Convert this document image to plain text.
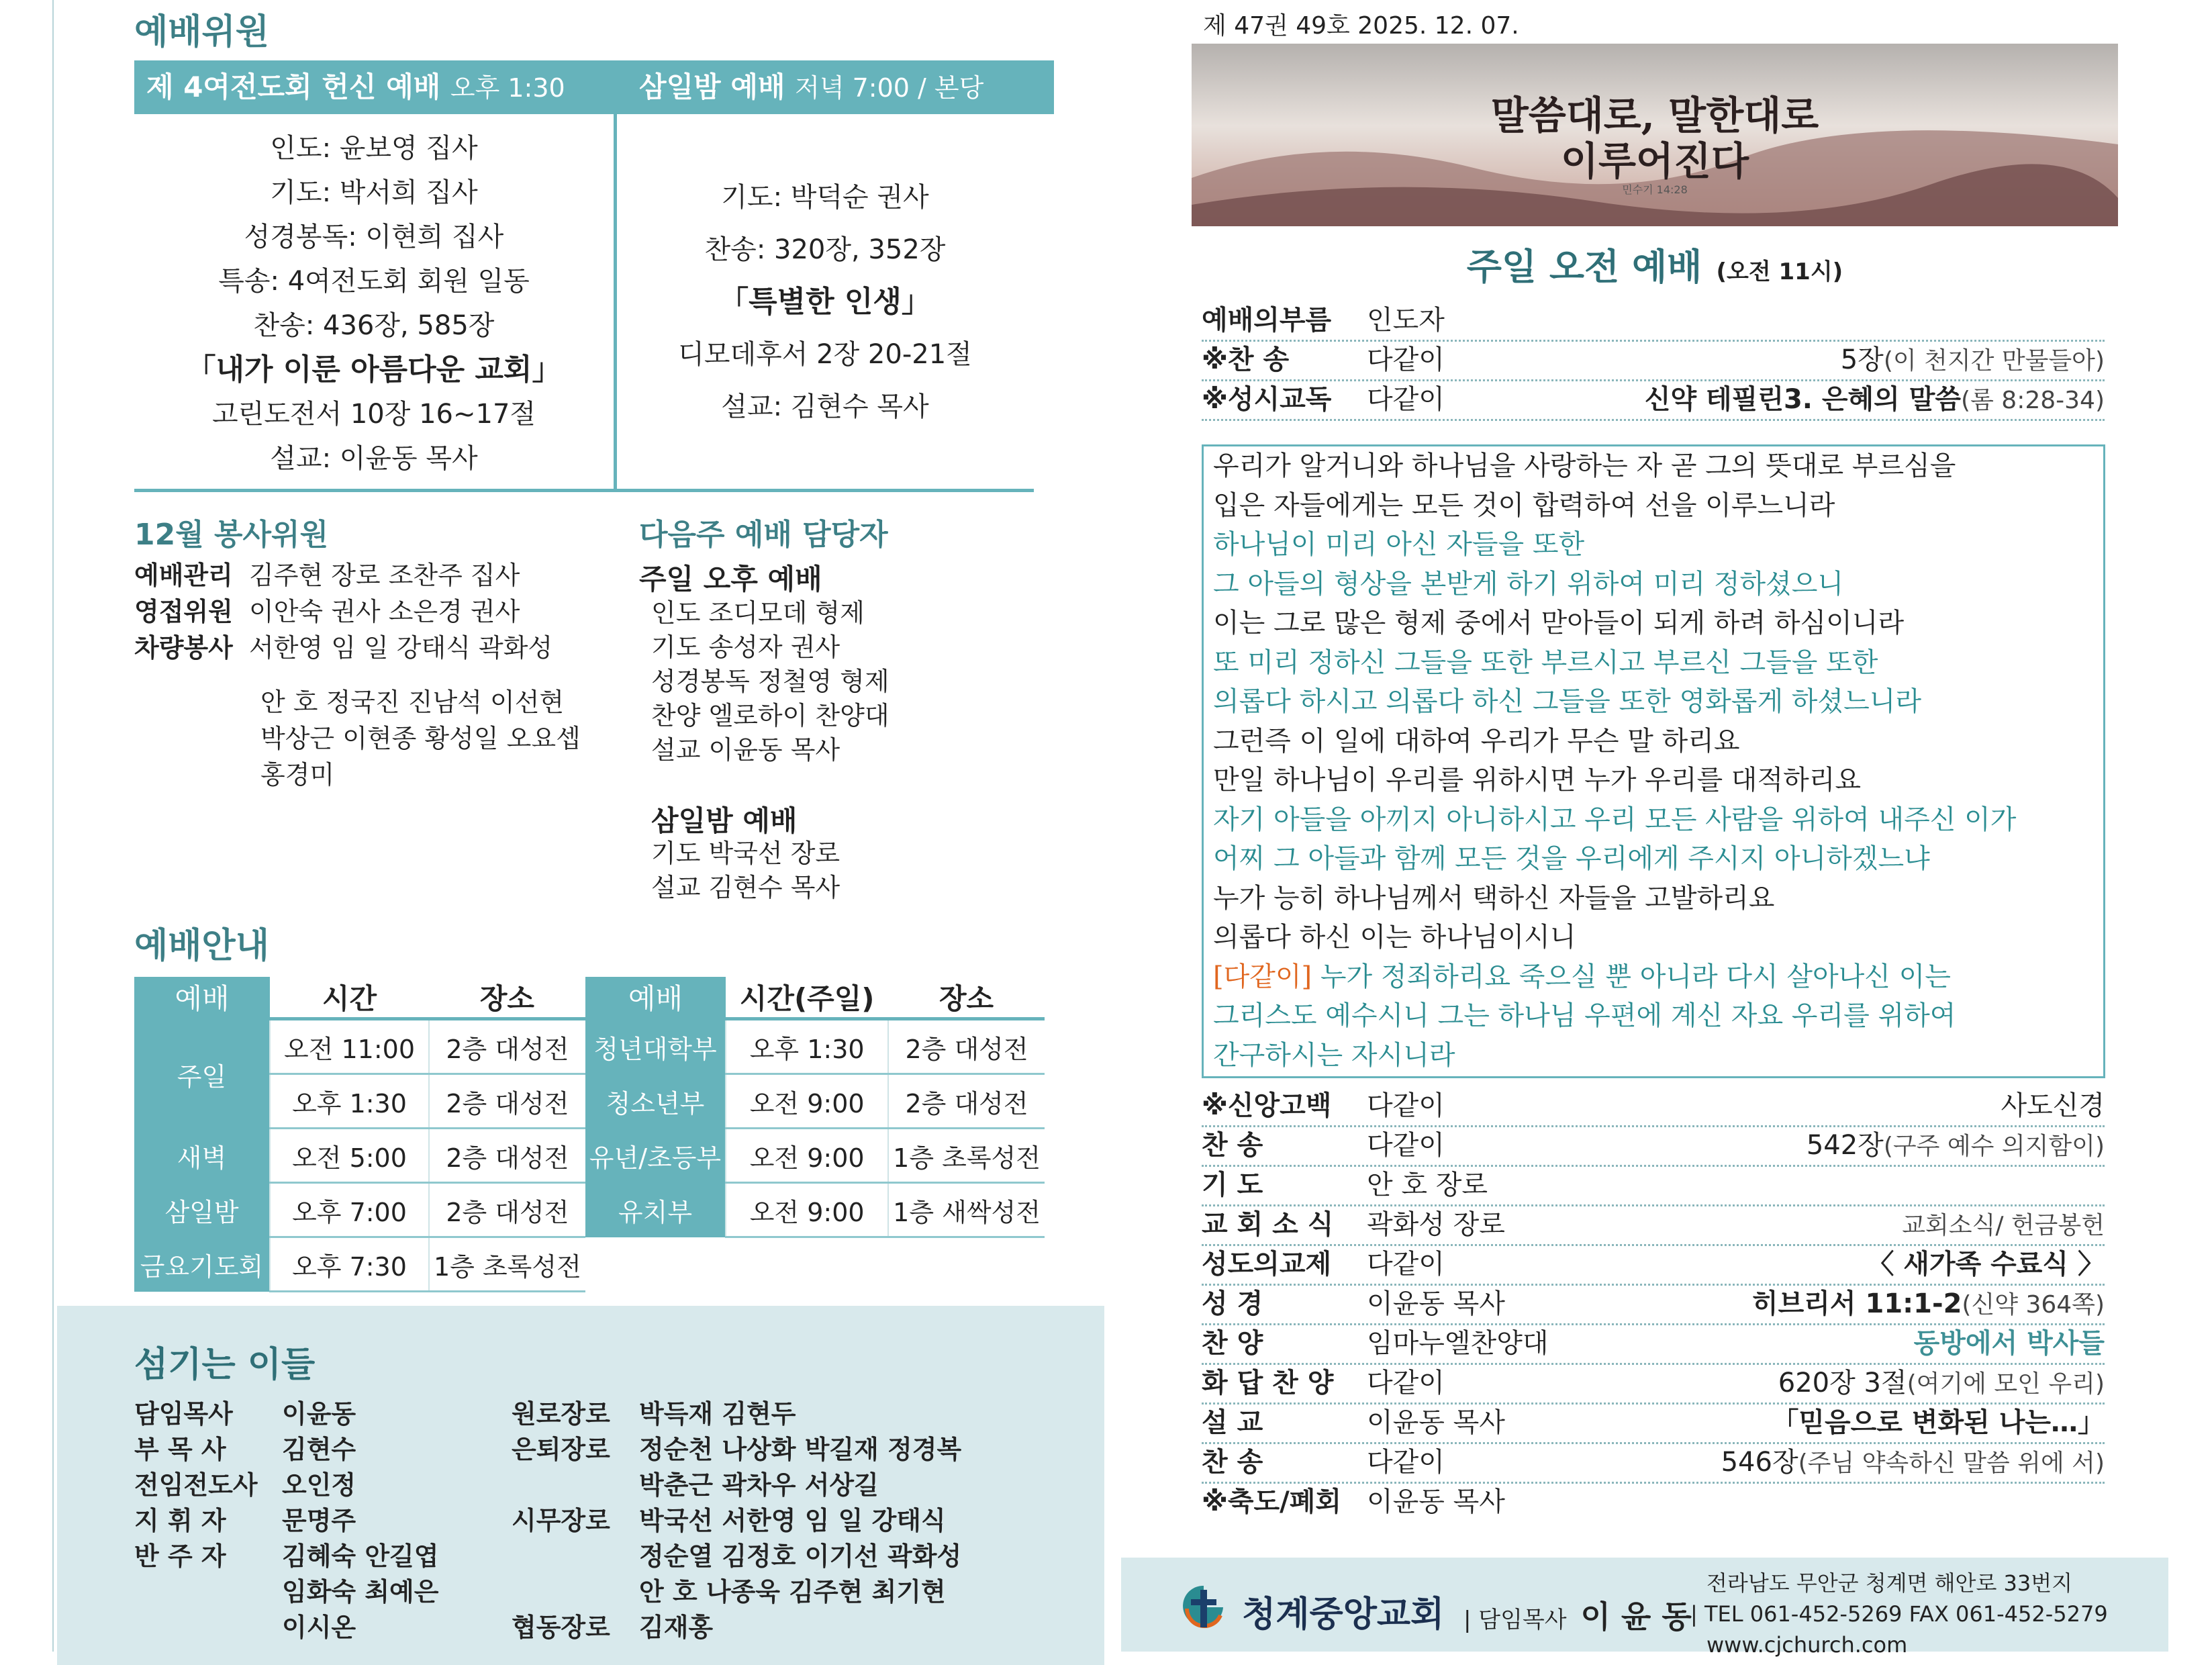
예배위원
제 4여전도회 헌신 예배 오후 1:30	삼일밤 예배 저녁 7:00 / 본당
인도: 윤보영 집사
기도: 박서희 집사
성경봉독: 이현희 집사
특송: 4여전도회 회원 일동
찬송: 436장, 585장
「내가 이룬 아름다운 교회」
고린도전서 10장 16~17절
설교: 이윤동 목사
기도: 박덕순 권사
찬송: 320장, 352장
「특별한 인생」
디모데후서 2장 20-21절
설교: 김현수 목사
12월 봉사위원
예배관리 김주현 장로 조찬주 집사
영접위원 이안숙 권사 소은경 권사
차량봉사 서한영 임 일 강태식 곽화성
안 호 정국진 진남석 이선현
박상근 이현종 황성일 오요셉
홍경미
다음주 예배 담당자
주일 오후 예배
인도 조디모데 형제
기도 송성자 권사
성경봉독 정철영 형제
찬양 엘로하이 찬양대
설교 이윤동 목사
삼일밤 예배
기도 박국선 장로
설교 김현수 목사
예배안내
예배	시간	장소	예배	시간(주일)	장소
주일	오전 11:00	2층 대성전	청년대학부	오후 1:30	2층 대성전
	오후 1:30	2층 대성전	청소년부	오전 9:00	2층 대성전
새벽	오전 5:00	2층 대성전	유년/초등부	오전 9:00	1층 초록성전
삼일밤	오후 7:00	2층 대성전	유치부	오전 9:00	1층 새싹성전
금요기도회	오후 7:30	1층 초록성전			
섬기는 이들
담임목사 이윤동
부 목 사 김현수
전임전도사 오인정
지 휘 자 문명주
반 주 자 김혜숙 안길엽
임화숙 최예은
이시온
원로장로 박득재 김현두
은퇴장로 정순천 나상화 박길재 정경복
박춘근 곽차우 서상길
시무장로 박국선 서한영 임 일 강태식
정순열 김정호 이기선 곽화성
안 호 나종욱 김주현 최기현
협동장로 김재홍
제 47권 49호 2025. 12. 07.
말씀대로, 말한대로
이루어진다
민수기 14:28
주일 오전 예배 (오전 11시)
예배의부름 인도자
※찬 송	다같이	5장(이 천지간 만물들아)
※성시교독 다같이	신약 테필린3. 은혜의 말씀(롬 8:28-34)
우리가 알거니와 하나님을 사랑하는 자 곧 그의 뜻대로 부르심을
입은 자들에게는 모든 것이 합력하여 선을 이루느니라
하나님이 미리 아신 자들을 또한
그 아들의 형상을 본받게 하기 위하여 미리 정하셨으니
이는 그로 많은 형제 중에서 맏아들이 되게 하려 하심이니라
또 미리 정하신 그들을 또한 부르시고 부르신 그들을 또한
의롭다 하시고 의롭다 하신 그들을 또한 영화롭게 하셨느니라
그런즉 이 일에 대하여 우리가 무슨 말 하리요
만일 하나님이 우리를 위하시면 누가 우리를 대적하리요
자기 아들을 아끼지 아니하시고 우리 모든 사람을 위하여 내주신 이가
어찌 그 아들과 함께 모든 것을 우리에게 주시지 아니하겠느냐
누가 능히 하나님께서 택하신 자들을 고발하리요
의롭다 하신 이는 하나님이시니
[다같이] 누가 정죄하리요 죽으실 뿐 아니라 다시 살아나신 이는
그리스도 예수시니 그는 하나님 우편에 계신 자요 우리를 위하여
간구하시는 자시니라
※신앙고백 다같이	사도신경
찬 송	다같이	542장(구주 예수 의지함이)
기 도	안 호 장로
교 회 소 식 곽화성 장로	교회소식/ 헌금봉헌
성도의교제 다같이	〈 새가족 수료식 〉
성 경	이윤동 목사	히브리서 11:1-2(신약 364쪽)
찬 양	임마누엘찬양대	동방에서 박사들
화 답 찬 양 다같이	620장 3절(여기에 모인 우리)
설 교	이윤동 목사	「믿음으로 변화된 나는…」
찬 송	다같이	546장(주님 약속하신 말씀 위에 서)
※축도/폐회 이윤동 목사
청계중앙교회 | 담임목사 이 윤 동
전라남도 무안군 청계면 해안로 33번지
| TEL 061-452-5269 FAX 061-452-5279
www.cjchurch.com
